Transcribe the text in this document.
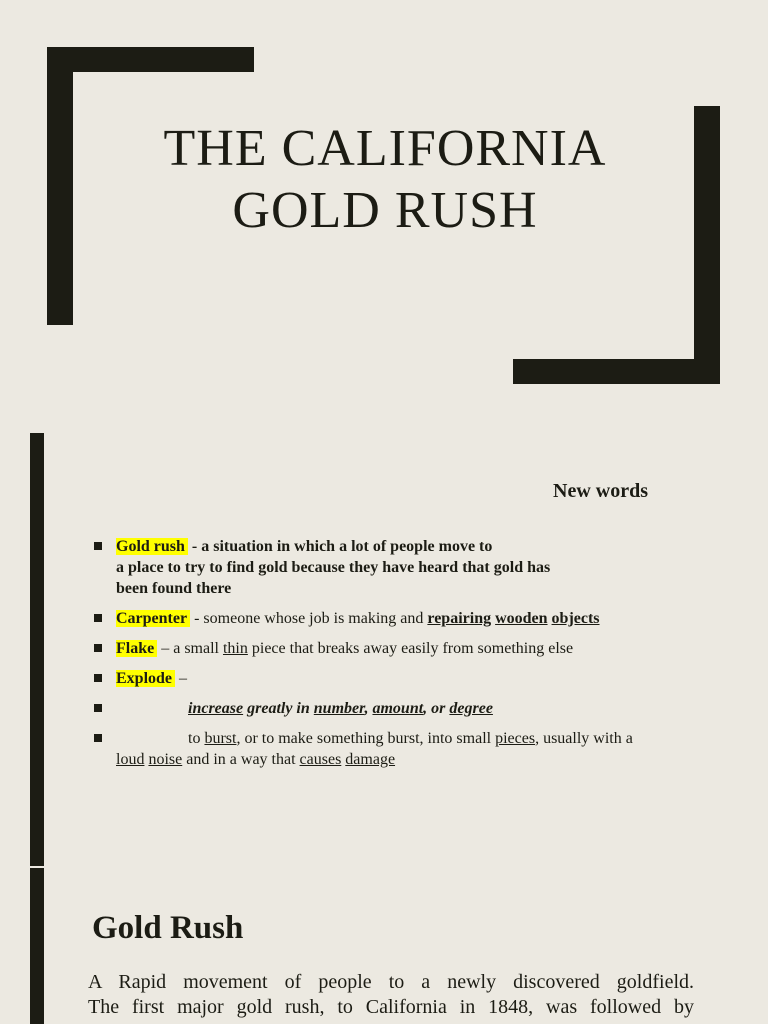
THE CALIFORNIA
GOLD RUSH
New words
Gold rush - a situation in which a lot of people move to
a place to try to find gold because they have heard that gold has
been found there
Carpenter - someone whose job is making and repairing wooden objects
Flake – a small thin piece that breaks away easily from something else
Explode –
increase greatly in number, amount, or degree
to burst, or to make something burst, into small pieces, usually with a
loud noise and in a way that causes damage
Gold Rush
A Rapid movement of people to a newly discovered goldfield.
The first major gold rush, to California in 1848, was followed by
